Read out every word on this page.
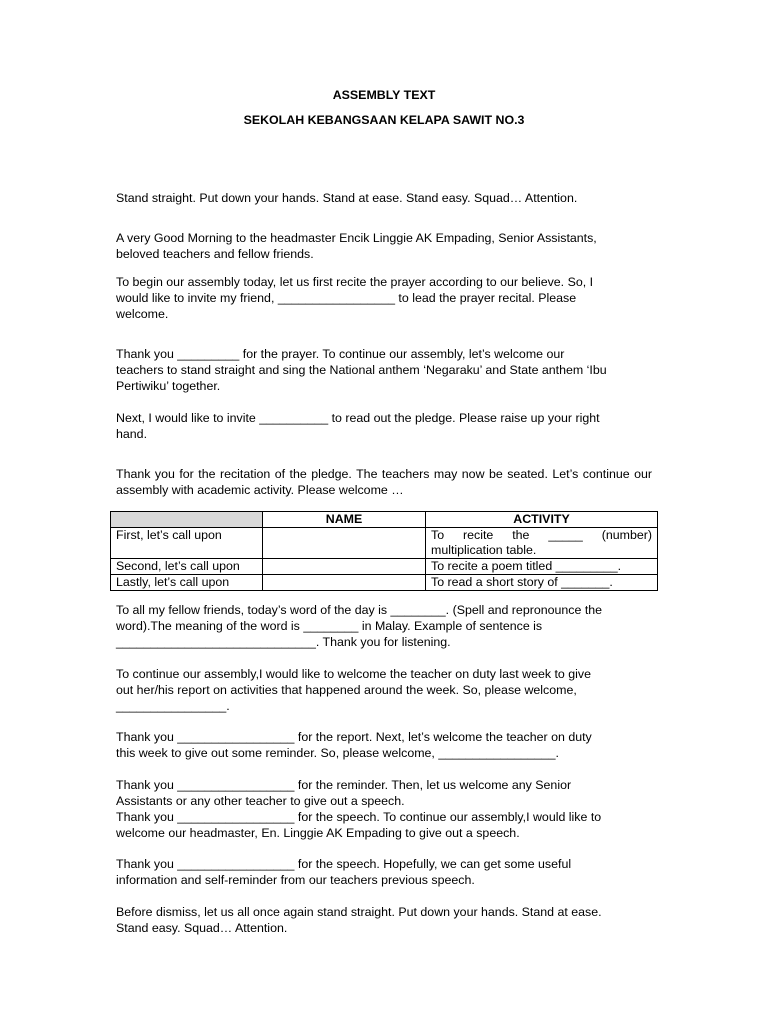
ASSEMBLY TEXT
SEKOLAH KEBANGSAAN KELAPA SAWIT NO.3

Stand straight. Put down your hands. Stand at ease. Stand easy. Squad… Attention.

A very Good Morning to the headmaster Encik Linggie AK Empading, Senior Assistants,
beloved teachers and fellow friends.

To begin our assembly today, let us first recite the prayer according to our believe. So, I
would like to invite my friend, _________________ to lead the prayer recital. Please
welcome.

Thank you _________ for the prayer. To continue our assembly, let’s welcome our
teachers to stand straight and sing the National anthem ‘Negaraku’ and State anthem ‘Ibu
Pertiwiku’ together.

Next, I would like to invite __________ to read out the pledge. Please raise up your right
hand.

Thank you for the recitation of the pledge. The teachers may now be seated. Let’s continue our assembly with academic activity. Please welcome …

	NAME	ACTIVITY
First, let’s call upon		To recite the _____ (number) multiplication table.
Second, let’s call upon		To recite a poem titled _________.
Lastly, let’s call upon		To read a short story of _______.

To all my fellow friends, today’s word of the day is ________. (Spell and repronounce the
word).The meaning of the word is ________ in Malay. Example of sentence is
_____________________________. Thank you for listening.

To continue our assembly,I would like to welcome the teacher on duty last week to give
out her/his report on activities that happened around the week. So, please welcome,
________________.

Thank you _________________ for the report. Next, let’s welcome the teacher on duty
this week to give out some reminder. So, please welcome, _________________.

Thank you _________________ for the reminder. Then, let us welcome any Senior
Assistants or any other teacher to give out a speech.
Thank you _________________ for the speech. To continue our assembly,I would like to
welcome our headmaster, En. Linggie AK Empading to give out a speech.

Thank you _________________ for the speech. Hopefully, we can get some useful
information and self-reminder from our teachers previous speech.

Before dismiss, let us all once again stand straight. Put down your hands. Stand at ease.
Stand easy. Squad… Attention.
